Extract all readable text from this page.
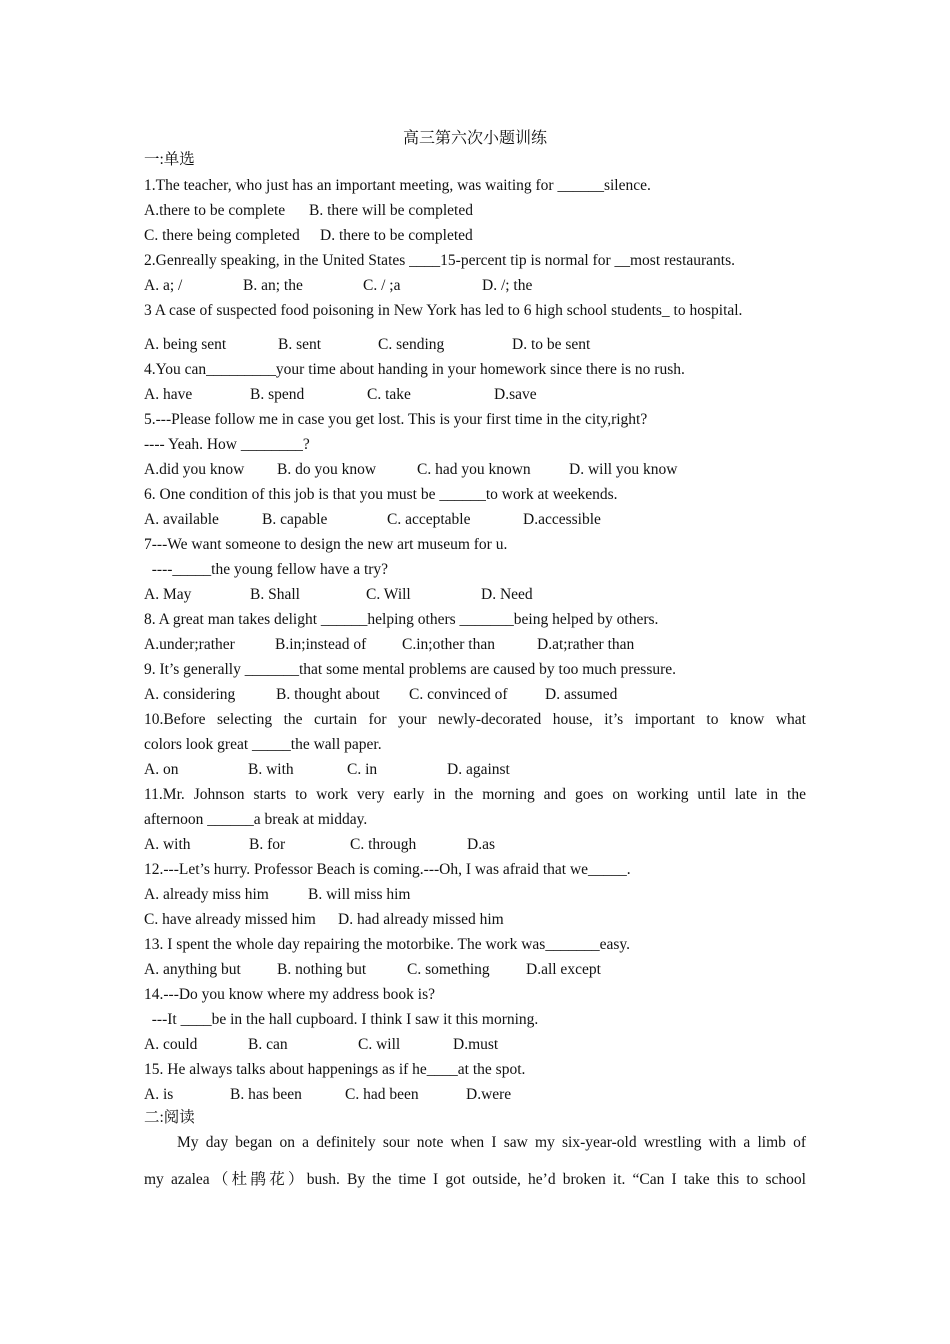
高三第六次小题训练
一:单选
1.The teacher, who just has an important meeting, was waiting for ______silence.
A.there to be complete B. there will be completed
C. there being completed D. there to be completed
2.Genreally speaking, in the United States ____15-percent tip is normal for __most restaurants.
A. a; /	B. an; the	C. / ;a	D. /; the
3 A case of suspected food poisoning in New York has led to 6 high school students_ to hospital.
A. being sent	B. sent	C. sending	D. to be sent
4.You can_________your time about handing in your homework since there is no rush.
A. have	B. spend	C. take	D.save
5.---Please follow me in case you get lost. This is your first time in the city,right?
---- Yeah. How ________?
A.did you know B. do you know	C. had you known D. will you know
6. One condition of this job is that you must be ______to work at weekends.
A. available	B. capable	C. acceptable	D.accessible
7---We want someone to design the new art museum for u.
----_____the young fellow have a try?
A. May	B. Shall	C. Will	D. Need
8. A great man takes delight ______helping others _______being helped by others.
A.under;rather	B.in;instead of C.in;other than	D.at;rather than
9. It’s generally _______that some mental problems are caused by too much pressure.
A. considering	B. thought about C. convinced of D. assumed
10.Before selecting the curtain for your newly-decorated house, it’s important to know what
colors look great _____the wall paper.
A. on	B. with	C. in	D. against
11.Mr. Johnson starts to work very early in the morning and goes on working until late in the
afternoon ______a break at midday.
A. with	B. for	C. through	D.as
12.---Let’s hurry. Professor Beach is coming.---Oh, I was afraid that we_____.
A. already miss him	B. will miss him
C. have already missed him D. had already missed him
13. I spent the whole day repairing the motorbike. The work was_______easy.
A. anything but B. nothing but	C. something D.all except
14.---Do you know where my address book is?
---It ____be in the hall cupboard. I think I saw it this morning.
A. could	B. can	C. will	D.must
15. He always talks about happenings as if he____at the spot.
A. is	B. has been	C. had been	D.were
二:阅读
My day began on a definitely sour note when I saw my six-year-old wrestling with a limb of
my azalea（杜鹃花）bush. By the time I got outside, he’d broken it. “Can I take this to school
